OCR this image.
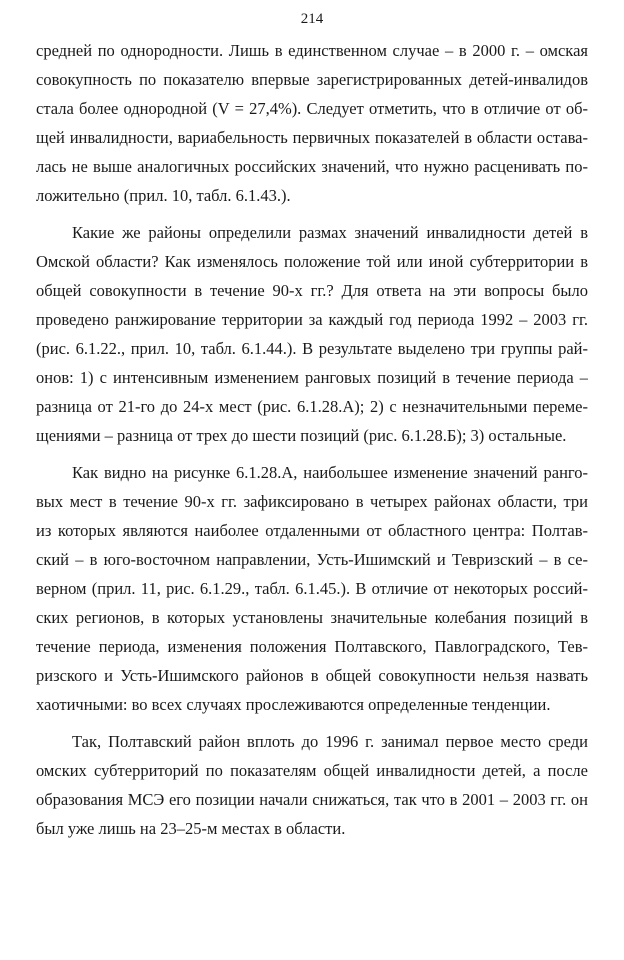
214
средней по однородности. Лишь в единственном случае – в 2000 г. – омская
совокупность по показателю впервые зарегистрированных детей-инвалидов
стала более однородной (V = 27,4%). Следует отметить, что в отличие от об-
щей инвалидности, вариабельность первичных показателей в области остава-
лась не выше аналогичных российских значений, что нужно расценивать по-
ложительно (прил. 10, табл. 6.1.43.).
Какие же районы определили размах значений инвалидности детей в
Омской области? Как изменялось положение той или иной субтерритории в
общей совокупности в течение 90-х гг.? Для ответа на эти вопросы было
проведено ранжирование территории за каждый год периода 1992 – 2003 гг.
(рис. 6.1.22., прил. 10, табл. 6.1.44.). В результате выделено три группы рай-
онов: 1) с интенсивным изменением ранговых позиций в течение периода –
разница от 21-го до 24-х мест (рис. 6.1.28.А); 2) с незначительными переме-
щениями – разница от трех до шести позиций (рис. 6.1.28.Б); 3) остальные.
Как видно на рисунке 6.1.28.А, наибольшее изменение значений ранго-
вых мест в течение 90-х гг. зафиксировано в четырех районах области, три
из которых являются наиболее отдаленными от областного центра: Полтав-
ский – в юго-восточном направлении, Усть-Ишимский и Тевризский – в се-
верном (прил. 11, рис. 6.1.29., табл. 6.1.45.). В отличие от некоторых россий-
ских регионов, в которых установлены значительные колебания позиций в
течение периода, изменения положения Полтавского, Павлоградского, Тев-
ризского и Усть-Ишимского районов в общей совокупности нельзя назвать
хаотичными: во всех случаях прослеживаются определенные тенденции.
Так, Полтавский район вплоть до 1996 г. занимал первое место среди
омских субтерриторий по показателям общей инвалидности детей, а после
образования МСЭ его позиции начали снижаться, так что в 2001 – 2003 гг. он
был уже лишь на 23–25-м местах в области.
